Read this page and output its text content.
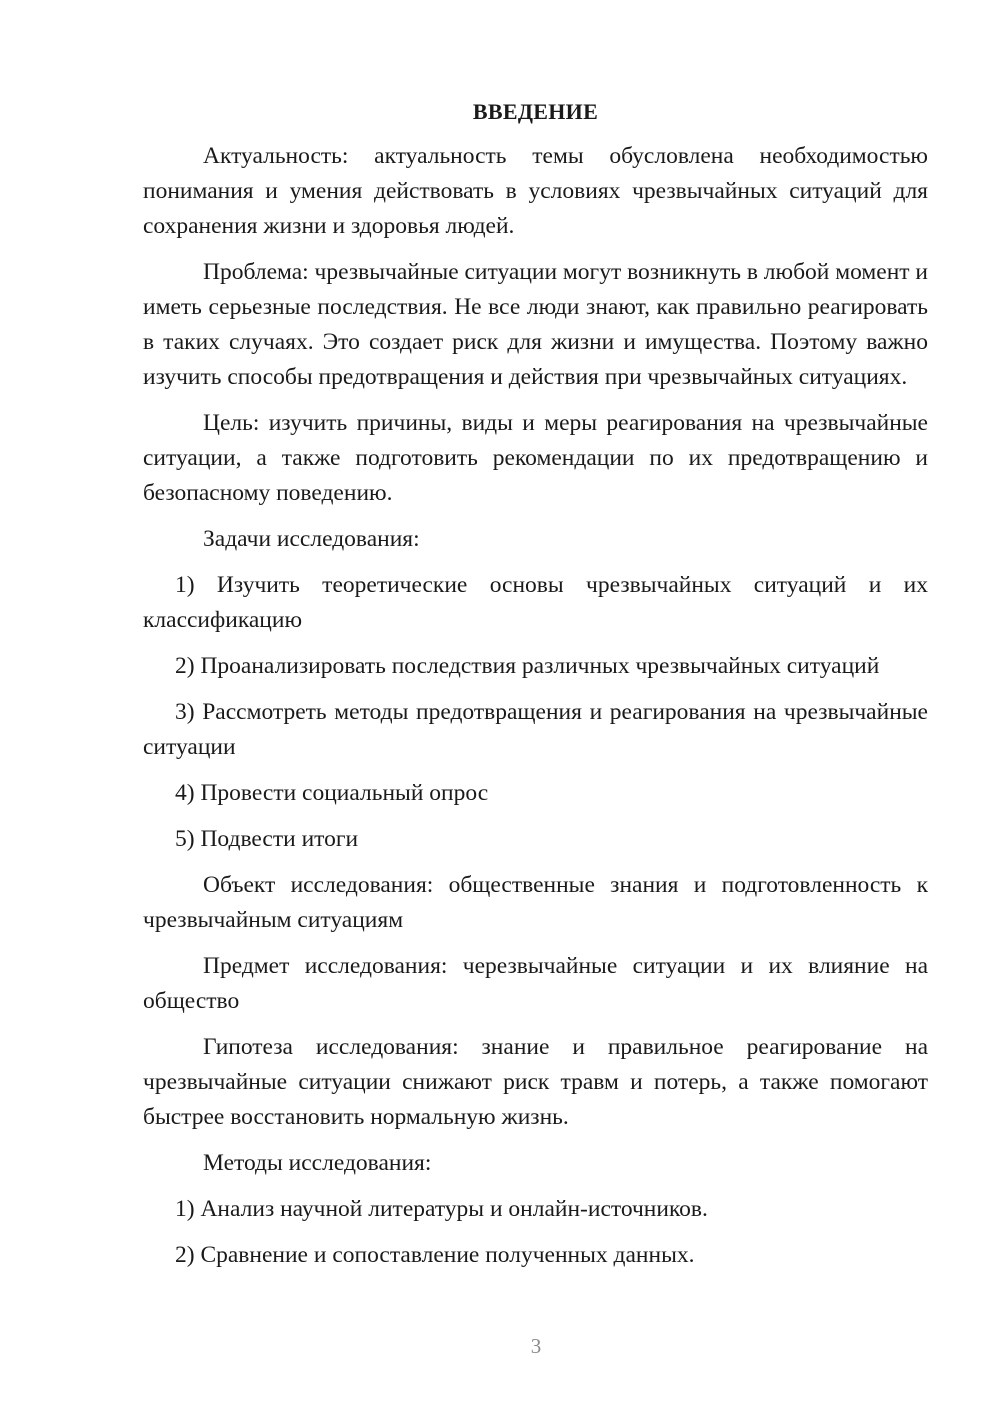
ВВЕДЕНИЕ

Актуальность: актуальность темы обусловлена необходимостью понимания и умения действовать в условиях чрезвычайных ситуаций для сохранения жизни и здоровья людей.

Проблема: чрезвычайные ситуации могут возникнуть в любой момент и иметь серьезные последствия. Не все люди знают, как правильно реагировать в таких случаях. Это создает риск для жизни и имущества. Поэтому важно изучить способы предотвращения и действия при чрезвычайных ситуациях.

Цель: изучить причины, виды и меры реагирования на чрезвычайные ситуации, а также подготовить рекомендации по их предотвращению и безопасному поведению.

Задачи исследования:

1) Изучить теоретические основы чрезвычайных ситуаций и их классификацию

2) Проанализировать последствия различных чрезвычайных ситуаций

3) Рассмотреть методы предотвращения и реагирования на чрезвычайные ситуации

4) Провести социальный опрос

5) Подвести итоги

Объект исследования: общественные знания и подготовленность к чрезвычайным ситуациям

Предмет исследования: черезвычайные ситуации и их влияние на общество

Гипотеза исследования: знание и правильное реагирование на чрезвычайные ситуации снижают риск травм и потерь, а также помогают быстрее восстановить нормальную жизнь.

Методы исследования:

1) Анализ научной литературы и онлайн-источников.

2) Сравнение и сопоставление полученных данных.

3
